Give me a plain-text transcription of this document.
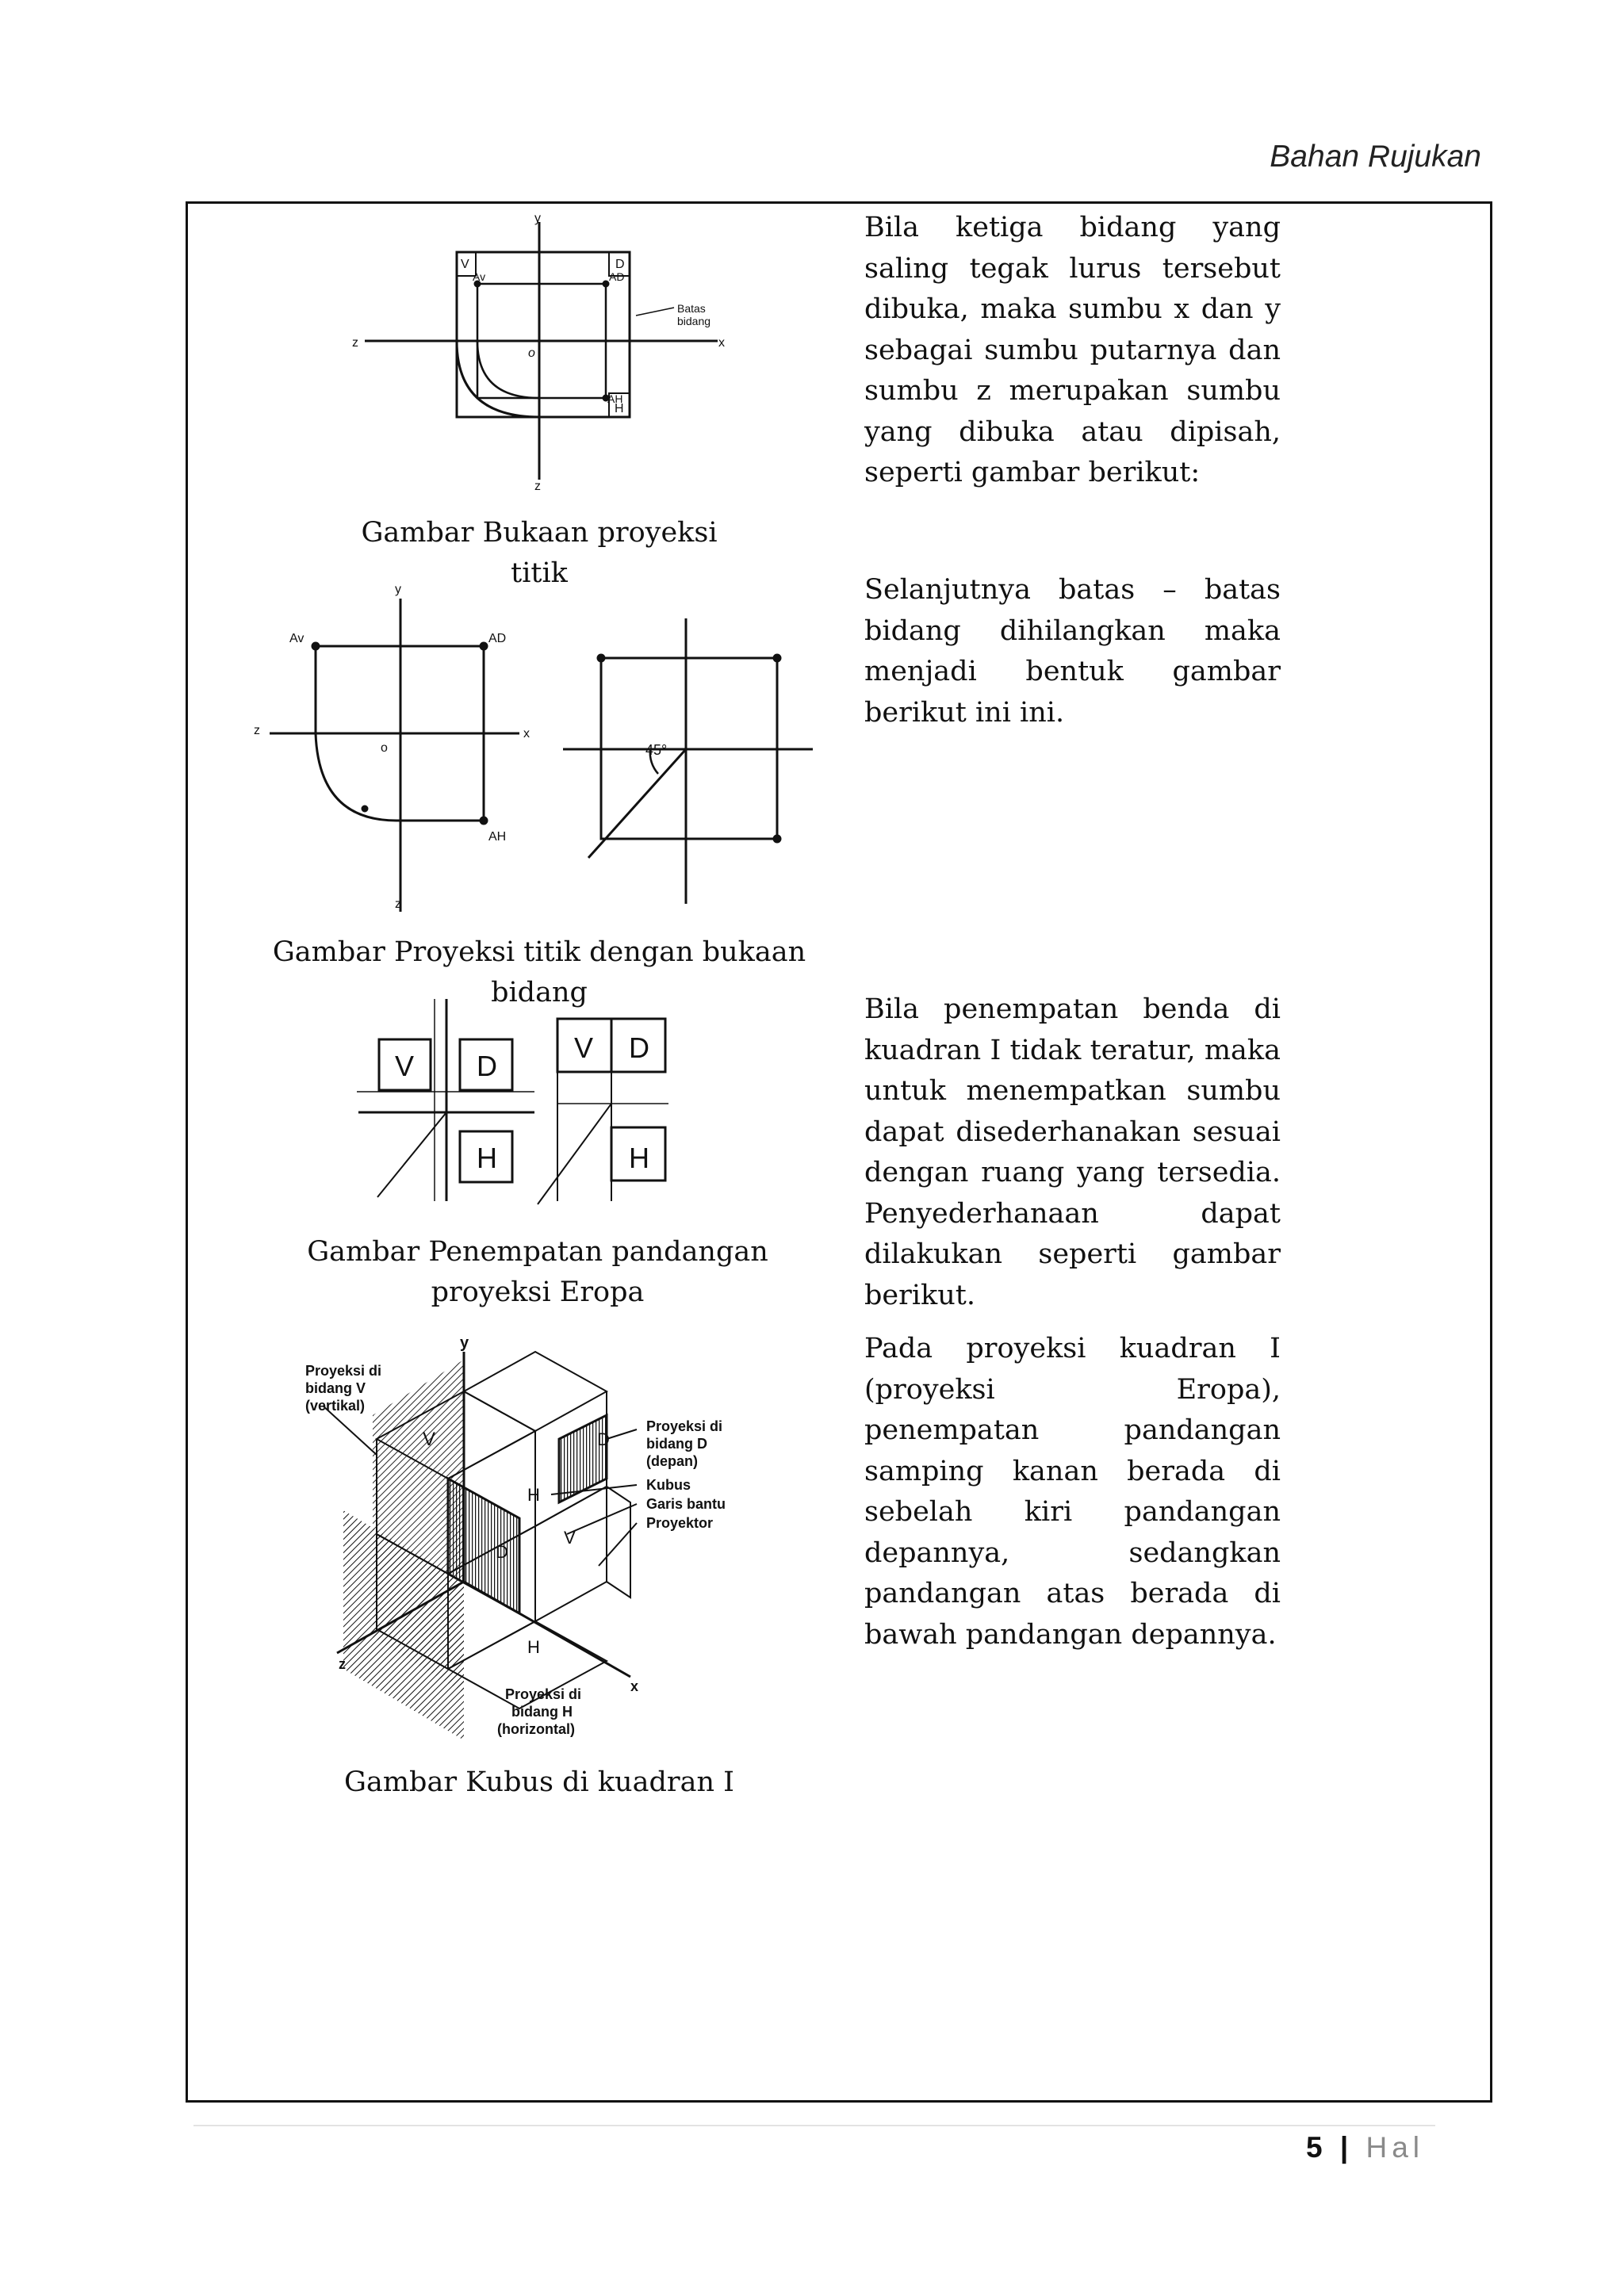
Bahan Rujukan
Bila ketiga bidang yang saling tegak lurus tersebut dibuka, maka sumbu x dan y sebagai sumbu putarnya dan sumbu z merupakan sumbu yang dibuka atau dipisah, seperti gambar berikut:
Selanjutnya batas – batas bidang dihilangkan maka menjadi bentuk gambar berikut ini ini.
Bila penempatan benda di kuadran I tidak teratur, maka untuk menempatkan sumbu dapat disederhanakan sesuai dengan ruang yang tersedia. Penyederhanaan dapat dilakukan seperti gambar berikut.
Pada proyeksi kuadran I (proyeksi Eropa), penempatan pandangan samping kanan berada di sebelah kiri pandangan depannya, sedangkan pandangan atas berada di bawah pandangan depannya.
Gambar Bukaan proyeksi titik
Gambar Proyeksi titik dengan bukaan bidang
Gambar Penempatan pandangan proyeksi Eropa
Gambar Kubus di kuadran I
y
z	x
z
o
V	D
H
Av	AD
AH
Batas
bidang
y
z	x
z
o
Av	AD
AH
45°
V D
H
V D
H
y
x
z
V	D
H
V
D
H
Proyeksi di
bidang V
(vertikal)
Proyeksi di
bidang D
(depan)
Kubus
Garis bantu
Proyektor
Proyeksi di
bidang H
(horizontal)
5 | Hal
